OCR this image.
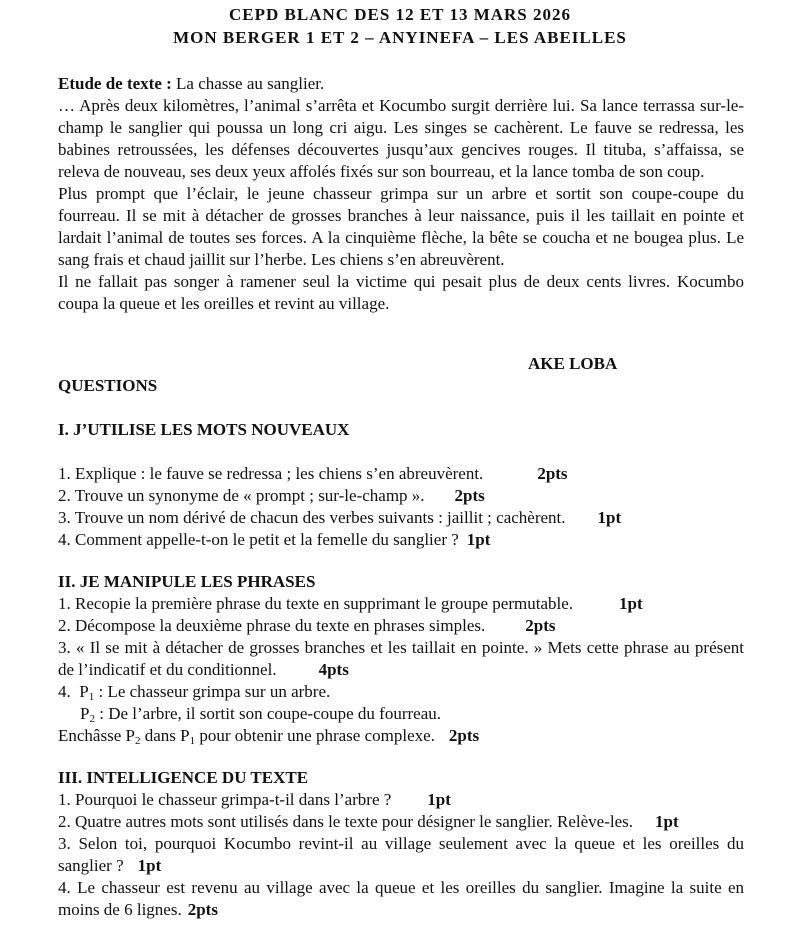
CEPD BLANC DES 12 ET 13 MARS 2026
MON BERGER 1 ET 2 – ANYINEFA – LES ABEILLES
Etude de texte : La chasse au sanglier.
… Après deux kilomètres, l’animal s’arrêta et Kocumbo surgit derrière lui. Sa lance terrassa sur-le-champ le sanglier qui poussa un long cri aigu. Les singes se cachèrent. Le fauve se redressa, les babines retroussées, les défenses découvertes jusqu’aux gencives rouges. Il tituba, s’affaissa, se releva de nouveau, ses deux yeux affolés fixés sur son bourreau, et la lance tomba de son coup.
Plus prompt que l’éclair, le jeune chasseur grimpa sur un arbre et sortit son coupe-coupe du fourreau. Il se mit à détacher de grosses branches à leur naissance, puis il les taillait en pointe et lardait l’animal de toutes ses forces. A la cinquième flèche, la bête se coucha et ne bougea plus. Le sang frais et chaud jaillit sur l’herbe. Les chiens s’en abreuvèrent.
Il ne fallait pas songer à ramener seul la victime qui pesait plus de deux cents livres. Kocumbo coupa la queue et les oreilles et revint au village.
AKE LOBA
QUESTIONS
I. J’UTILISE LES MOTS NOUVEAUX
1. Explique : le fauve se redressa ; les chiens s’en abreuvèrent.	2pts
2. Trouve un synonyme de « prompt ; sur-le-champ ». 2pts
3. Trouve un nom dérivé de chacun des verbes suivants : jaillit ; cachèrent. 1pt
4. Comment appelle-t-on le petit et la femelle du sanglier ? 1pt
II. JE MANIPULE LES PHRASES
1. Recopie la première phrase du texte en supprimant le groupe permutable.	1pt
2. Décompose la deuxième phrase du texte en phrases simples. 2pts
3. « Il se mit à détacher de grosses branches et les taillait en pointe. » Mets cette phrase au présent de l’indicatif et du conditionnel. 4pts
4. $P_1$ : Le chasseur grimpa sur un arbre.
$P_2$ : De l’arbre, il sortit son coupe-coupe du fourreau.
Enchâsse $P_2$ dans $P_1$ pour obtenir une phrase complexe. 2pts
III. INTELLIGENCE DU TEXTE
1. Pourquoi le chasseur grimpa-t-il dans l’arbre ? 1pt
2. Quatre autres mots sont utilisés dans le texte pour désigner le sanglier. Relève-les. 1pt
3. Selon toi, pourquoi Kocumbo revint-il au village seulement avec la queue et les oreilles du sanglier ? 1pt
4. Le chasseur est revenu au village avec la queue et les oreilles du sanglier. Imagine la suite en moins de 6 lignes. 2pts
